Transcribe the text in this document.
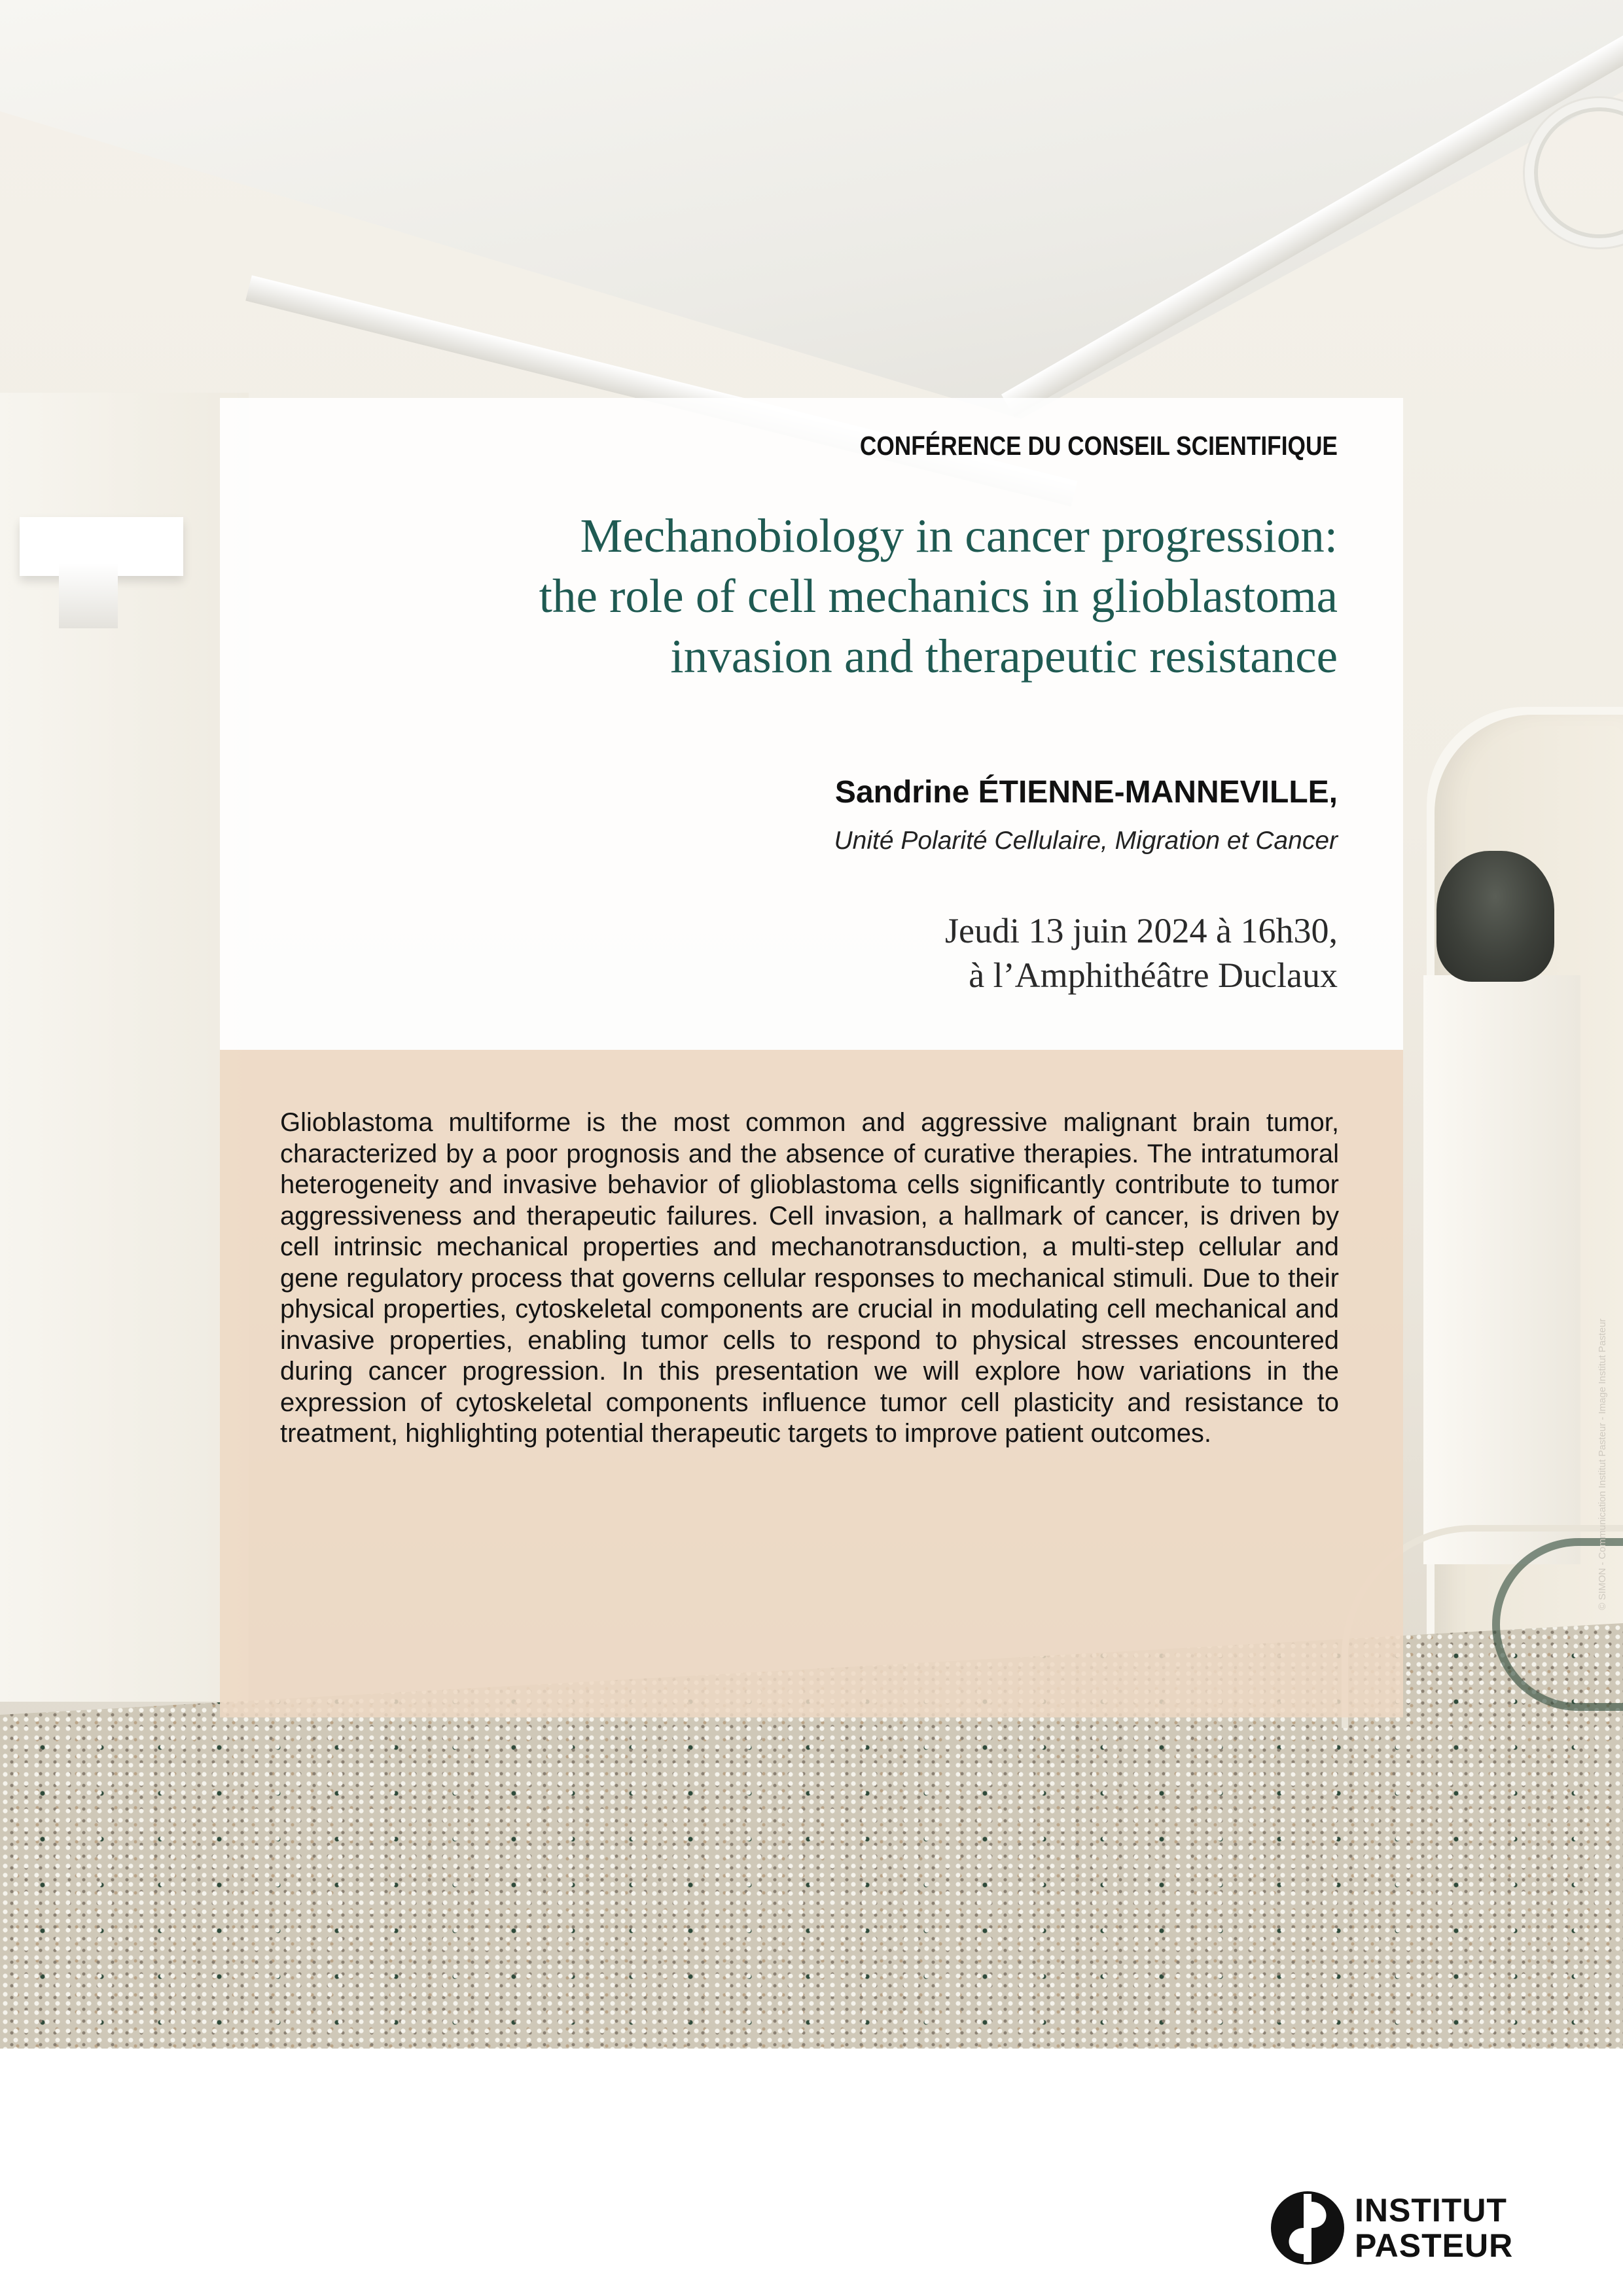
© SIMON - Communication Institut Pasteur - Image Institut Pasteur
CONFÉRENCE DU CONSEIL SCIENTIFIQUE
Mechanobiology in cancer progression:
the role of cell mechanics in glioblastoma
invasion and therapeutic resistance
Sandrine ÉTIENNE-MANNEVILLE,
Unité Polarité Cellulaire, Migration et Cancer
Jeudi 13 juin 2024 à 16h30,
à l’Amphithéâtre Duclaux

Glioblastoma multiforme is the most common and aggressive malignant brain tumor, characterized by a poor prognosis and the absence of curative therapies. The intratumoral heterogeneity and invasive behavior of glioblastoma cells significantly contribute to tumor aggressiveness and therapeutic failures. Cell invasion, a hallmark of cancer, is driven by cell intrinsic mechanical properties and mechanotransduction, a multi-step cellular and gene regulatory process that governs cellular responses to mechanical stimuli. Due to their physical properties, cytoskeletal components are crucial in modulating cell mechanical and invasive properties, enabling tumor cells to respond to physical stresses encountered during cancer progression. In this presentation we will explore how variations in the expression of cytoskeletal components influence tumor cell plasticity and resistance to treatment, highlighting potential therapeutic targets to improve patient outcomes.

INSTITUT
PASTEUR
